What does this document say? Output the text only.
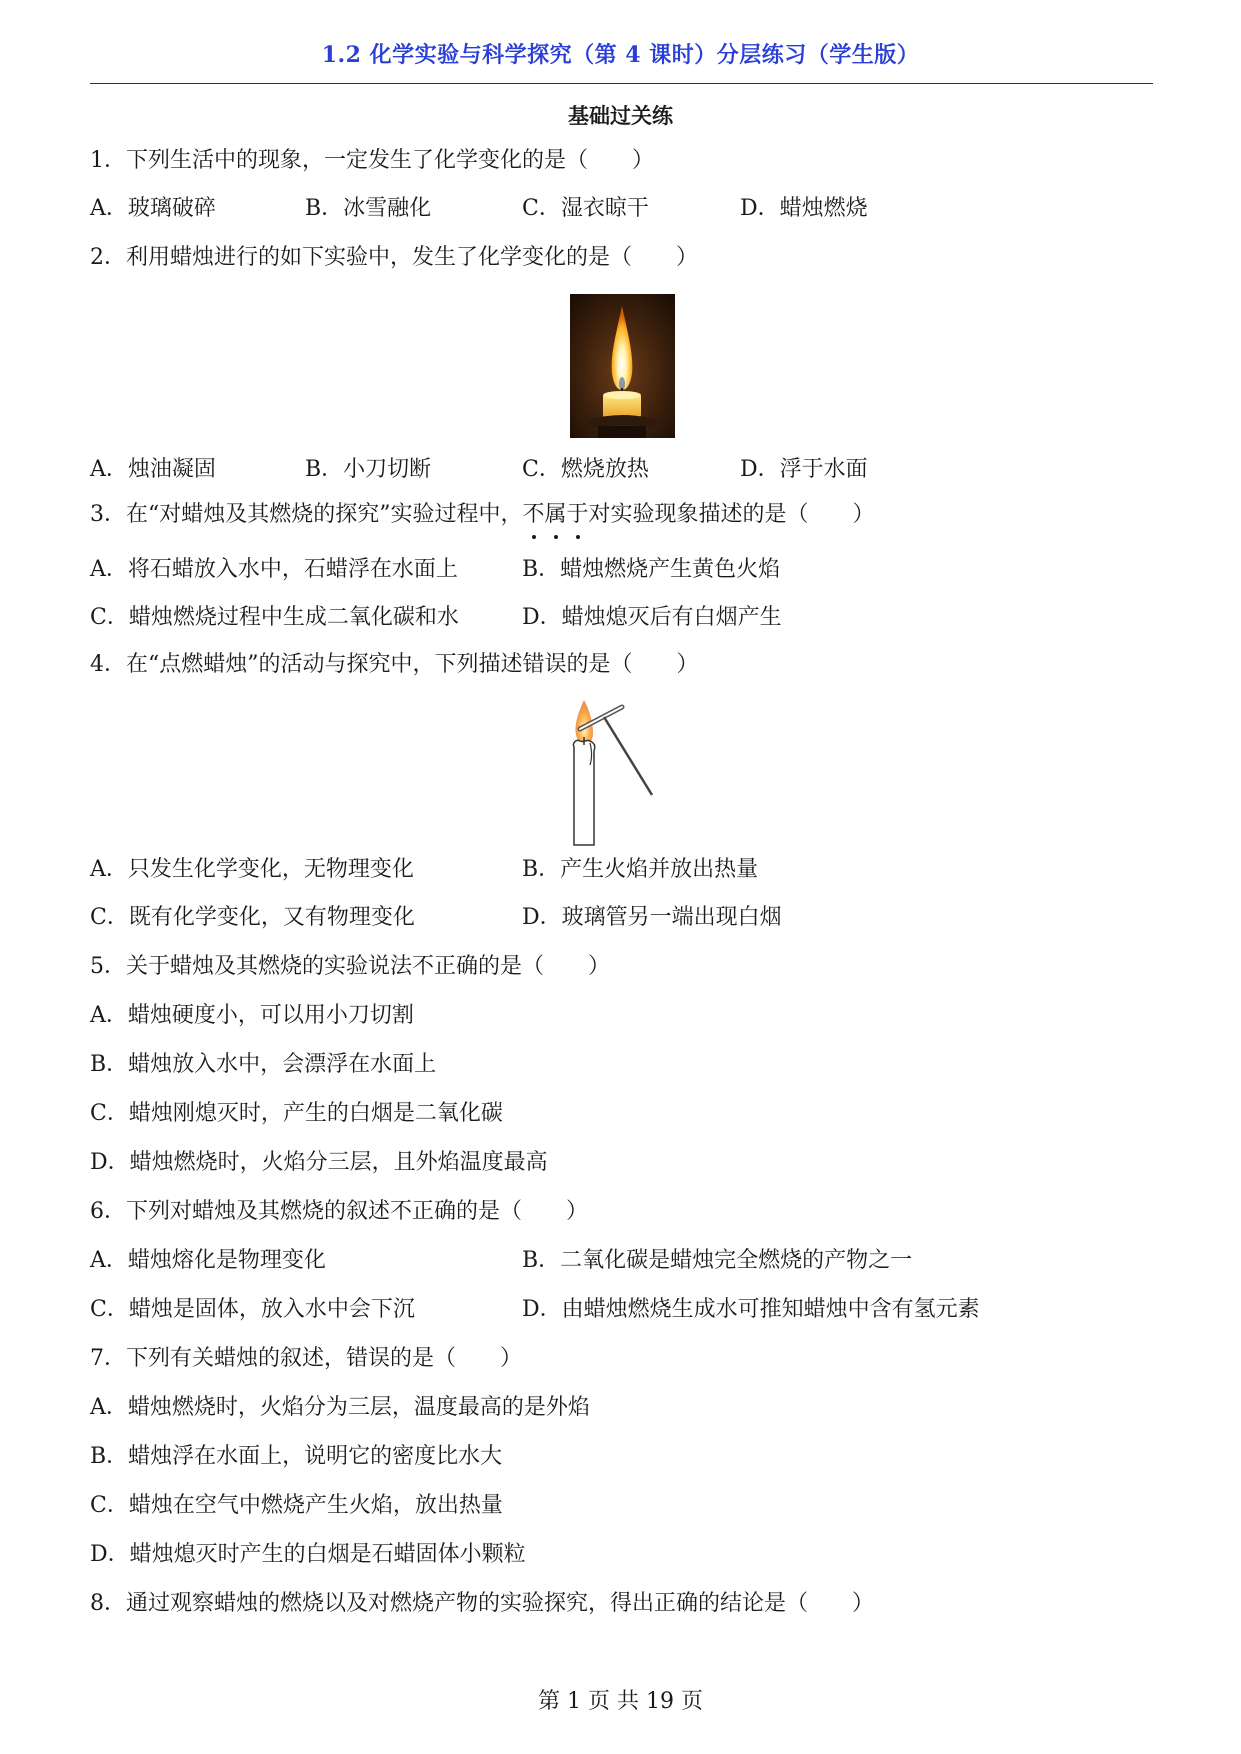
1.2 化学实验与科学探究（第 4 课时）分层练习（学生版）
基础过关练
1．下列生活中的现象，一定发生了化学变化的是（　　）
A．玻璃破碎	B．冰雪融化	C．湿衣晾干	D．蜡烛燃烧
2．利用蜡烛进行的如下实验中，发生了化学变化的是（　　）
A．烛油凝固	B．小刀切断	C．燃烧放热	D．浮于水面
3．在“对蜡烛及其燃烧的探究”实验过程中，不属于对实验现象描述的是（　　）
A．将石蜡放入水中，石蜡浮在水面上	B．蜡烛燃烧产生黄色火焰
C．蜡烛燃烧过程中生成二氧化碳和水	D．蜡烛熄灭后有白烟产生
4．在“点燃蜡烛”的活动与探究中，下列描述错误的是（　　）
A．只发生化学变化，无物理变化	B．产生火焰并放出热量
C．既有化学变化，又有物理变化	D．玻璃管另一端出现白烟
5．关于蜡烛及其燃烧的实验说法不正确的是（　　）
A．蜡烛硬度小，可以用小刀切割
B．蜡烛放入水中，会漂浮在水面上
C．蜡烛刚熄灭时，产生的白烟是二氧化碳
D．蜡烛燃烧时，火焰分三层，且外焰温度最高
6．下列对蜡烛及其燃烧的叙述不正确的是（　　）
A．蜡烛熔化是物理变化	B．二氧化碳是蜡烛完全燃烧的产物之一
C．蜡烛是固体，放入水中会下沉	D．由蜡烛燃烧生成水可推知蜡烛中含有氢元素
7．下列有关蜡烛的叙述，错误的是（　　）
A．蜡烛燃烧时，火焰分为三层，温度最高的是外焰
B．蜡烛浮在水面上，说明它的密度比水大
C．蜡烛在空气中燃烧产生火焰，放出热量
D．蜡烛熄灭时产生的白烟是石蜡固体小颗粒
8．通过观察蜡烛的燃烧以及对燃烧产物的实验探究，得出正确的结论是（　　）
第 1 页 共 19 页
